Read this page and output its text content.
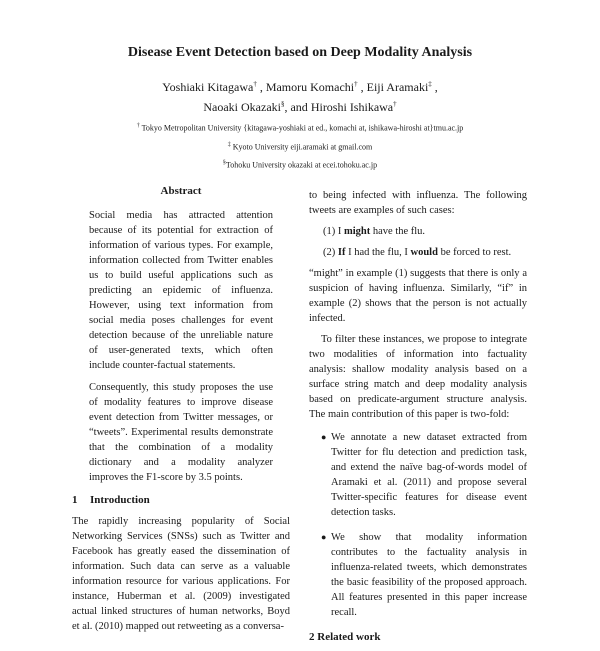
Disease Event Detection based on Deep Modality Analysis
Yoshiaki Kitagawa† , Mamoru Komachi† , Eiji Aramaki‡ ,
Naoaki Okazaki§, and Hiroshi Ishikawa†
† Tokyo Metropolitan University {kitagawa-yoshiaki at ed., komachi at, ishikawa-hiroshi at}tmu.ac.jp
‡ Kyoto University eiji.aramaki at gmail.com
§Tohoku University okazaki at ecei.tohoku.ac.jp
Abstract

Social media has attracted attention because of its potential for extraction of information of various types. For example, information collected from Twitter enables us to build useful applications such as predicting an epidemic of influenza. However, using text information from social media poses challenges for event detection because of the unreliable nature of user-generated texts, which often include counter-factual statements.

Consequently, this study proposes the use of modality features to improve disease event detection from Twitter messages, or “tweets”. Experimental results demonstrate that the combination of a modality dictionary and a modality analyzer improves the F1-score by 3.5 points.

1 Introduction

The rapidly increasing popularity of Social Networking Services (SNSs) such as Twitter and Facebook has greatly eased the dissemination of information. Such data can serve as a valuable information resource for various applications. For instance, Huberman et al. (2009) investigated actual linked structures of human networks, Boyd et al. (2010) mapped out retweeting as a conversa-

to being infected with influenza. The following tweets are examples of such cases:

(1) I might have the flu.
(2) If I had the flu, I would be forced to rest.

“might” in example (1) suggests that there is only a suspicion of having influenza. Similarly, “if” in example (2) shows that the person is not actually infected.

To filter these instances, we propose to integrate two modalities of information into factuality analysis: shallow modality analysis based on a surface string match and deep modality analysis based on predicate-argument structure analysis. The main contribution of this paper is two-fold:

● We annotate a new dataset extracted from Twitter for flu detection and prediction task, and extend the naïve bag-of-words model of Aramaki et al. (2011) and propose several Twitter-specific features for disease event detection tasks.
● We show that modality information contributes to the factuality analysis in influenza-related tweets, which demonstrates the basic feasibility of the proposed approach. All features presented in this paper increase recall.
2 Related work
